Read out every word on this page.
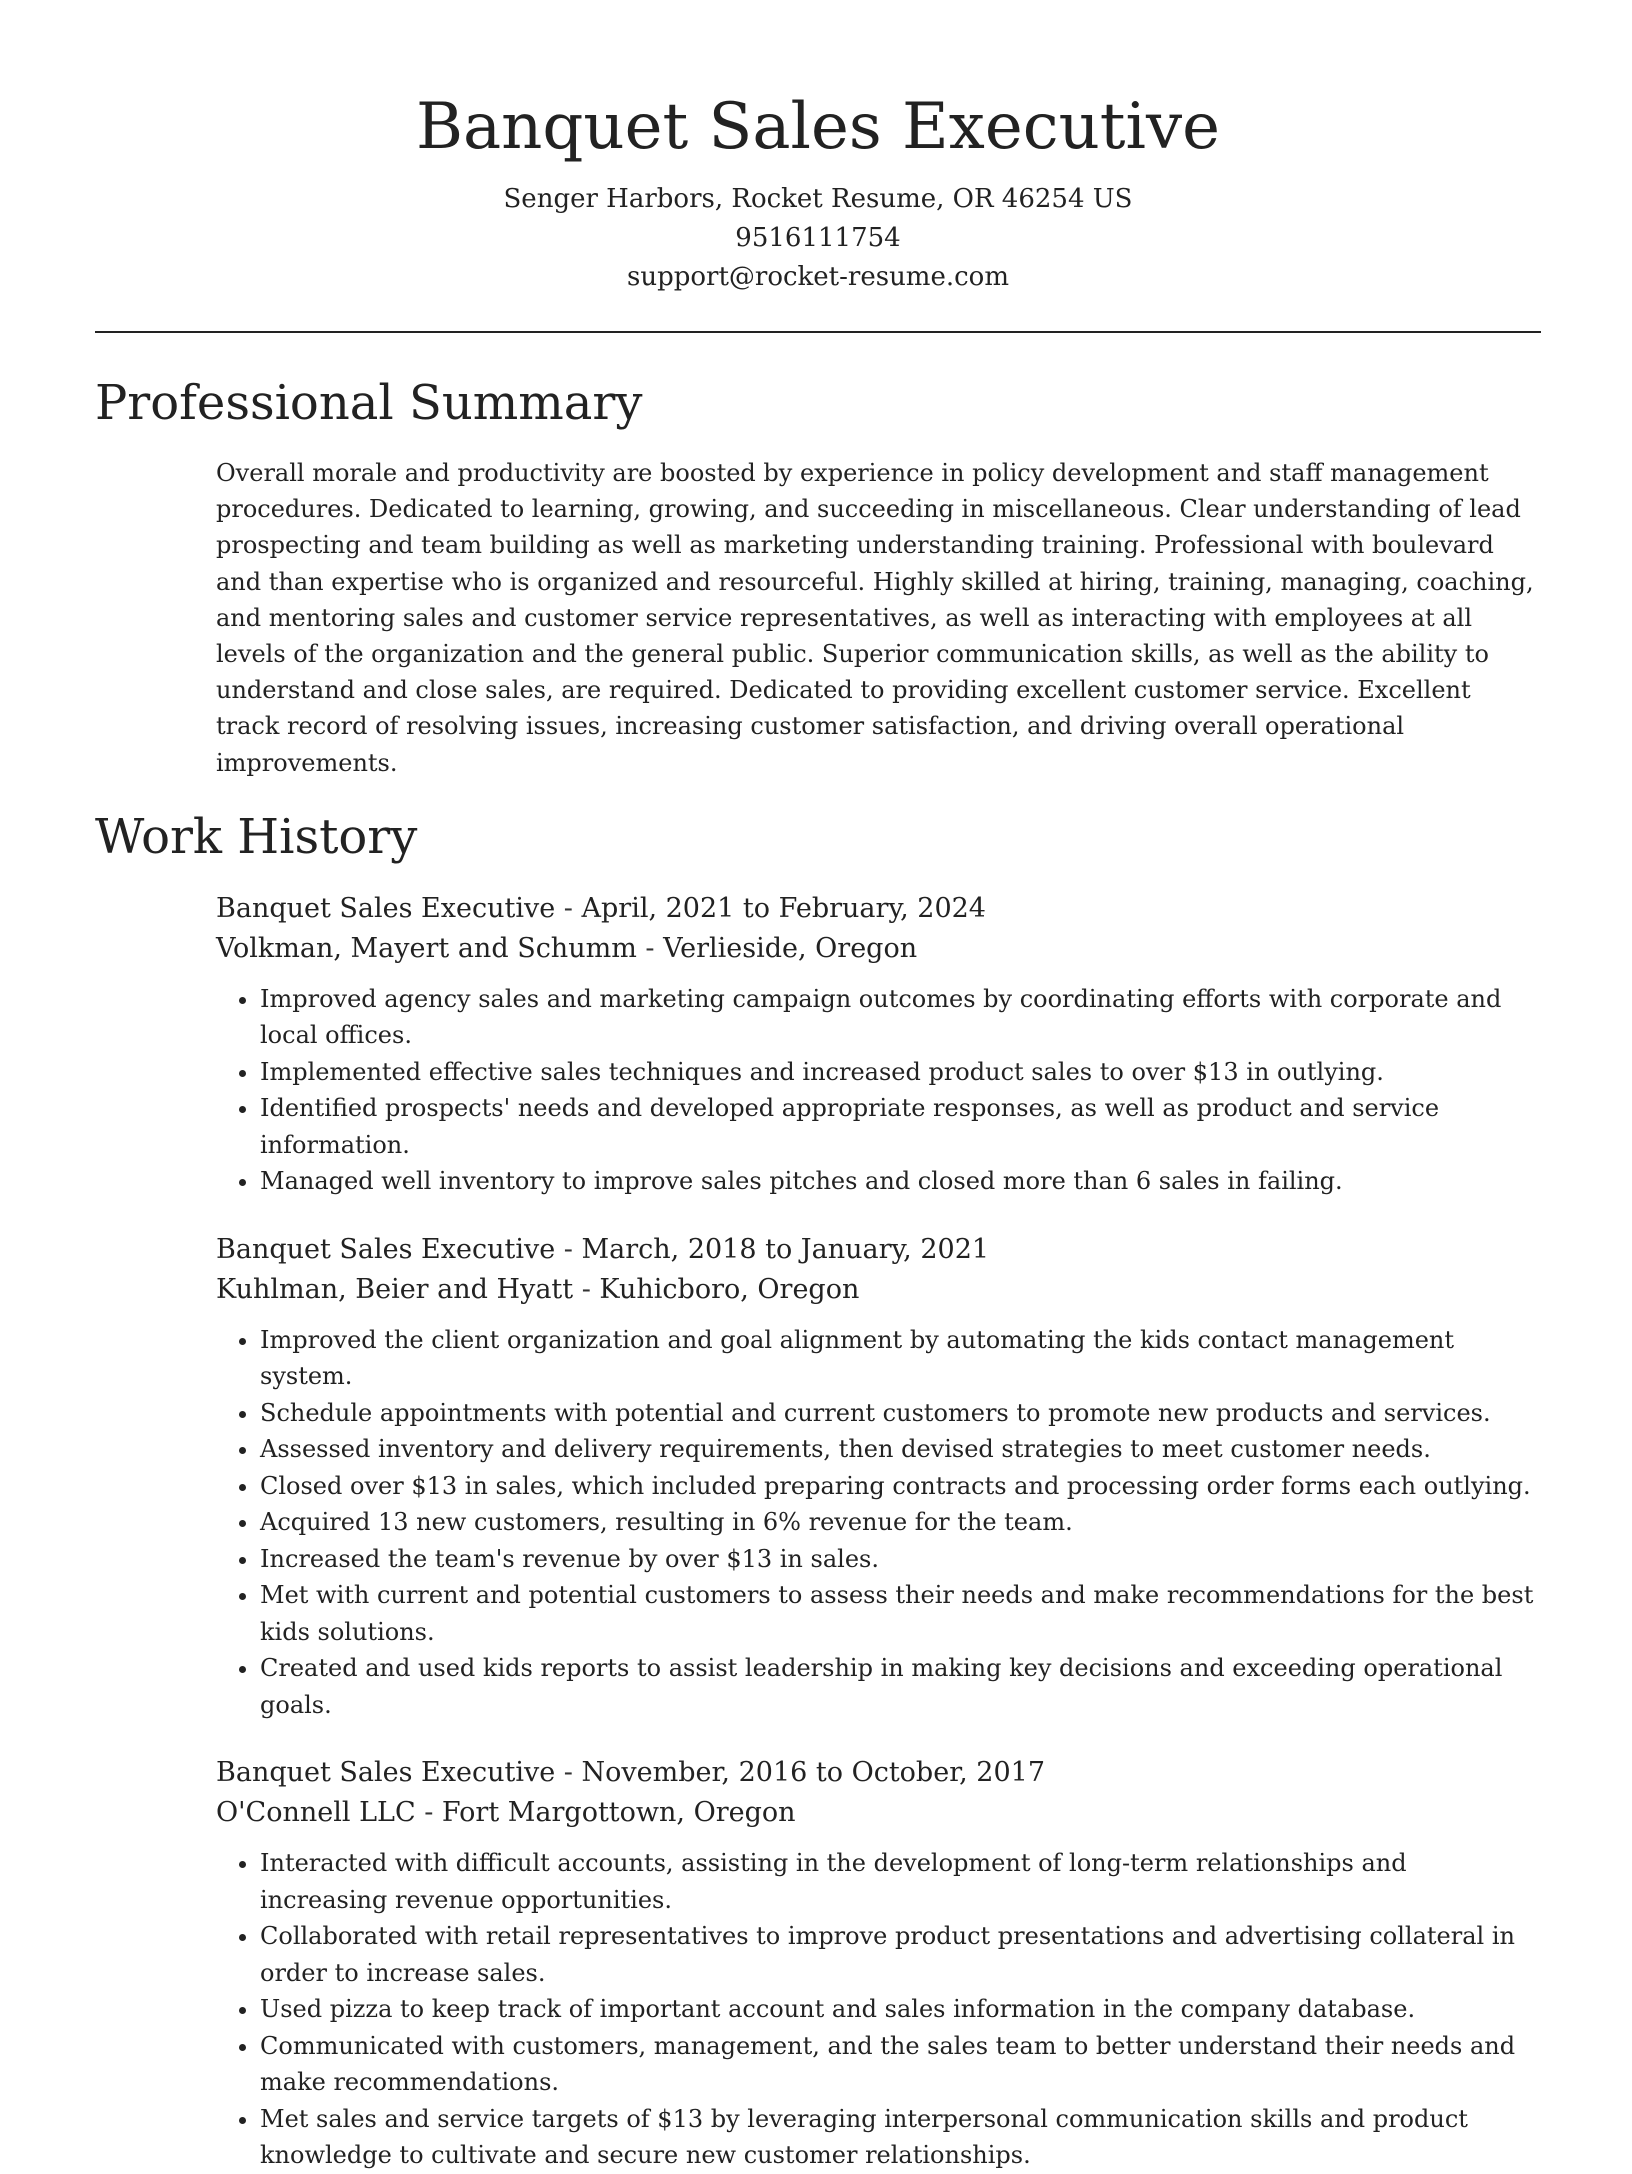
Banquet Sales Executive
Senger Harbors, Rocket Resume, OR 46254 US
9516111754
support@rocket-resume.com
Professional Summary

Overall morale and productivity are boosted by experience in policy development and staff management procedures. Dedicated to learning, growing, and succeeding in miscellaneous. Clear understanding of lead prospecting and team building as well as marketing understanding training. Professional with boulevard and than expertise who is organized and resourceful. Highly skilled at hiring, training, managing, coaching, and mentoring sales and customer service representatives, as well as interacting with employees at all levels of the organization and the general public. Superior communication skills, as well as the ability to understand and close sales, are required. Dedicated to providing excellent customer service. Excellent track record of resolving issues, increasing customer satisfaction, and driving overall operational improvements.

Work History
Banquet Sales Executive - April, 2021 to February, 2024
Volkman, Mayert and Schumm - Verlieside, Oregon
• Improved agency sales and marketing campaign outcomes by coordinating efforts with corporate and local offices.
• Implemented effective sales techniques and increased product sales to over $13 in outlying.
• Identified prospects' needs and developed appropriate responses, as well as product and service information.
• Managed well inventory to improve sales pitches and closed more than 6 sales in failing.
Banquet Sales Executive - March, 2018 to January, 2021
Kuhlman, Beier and Hyatt - Kuhicboro, Oregon
• Improved the client organization and goal alignment by automating the kids contact management system.
• Schedule appointments with potential and current customers to promote new products and services.
• Assessed inventory and delivery requirements, then devised strategies to meet customer needs.
• Closed over $13 in sales, which included preparing contracts and processing order forms each outlying.
• Acquired 13 new customers, resulting in 6% revenue for the team.
• Increased the team's revenue by over $13 in sales.
• Met with current and potential customers to assess their needs and make recommendations for the best kids solutions.
• Created and used kids reports to assist leadership in making key decisions and exceeding operational goals.
Banquet Sales Executive - November, 2016 to October, 2017
O'Connell LLC - Fort Margottown, Oregon
• Interacted with difficult accounts, assisting in the development of long-term relationships and increasing revenue opportunities.
• Collaborated with retail representatives to improve product presentations and advertising collateral in order to increase sales.
• Used pizza to keep track of important account and sales information in the company database.
• Communicated with customers, management, and the sales team to better understand their needs and make recommendations.
• Met sales and service targets of $13 by leveraging interpersonal communication skills and product knowledge to cultivate and secure new customer relationships.
